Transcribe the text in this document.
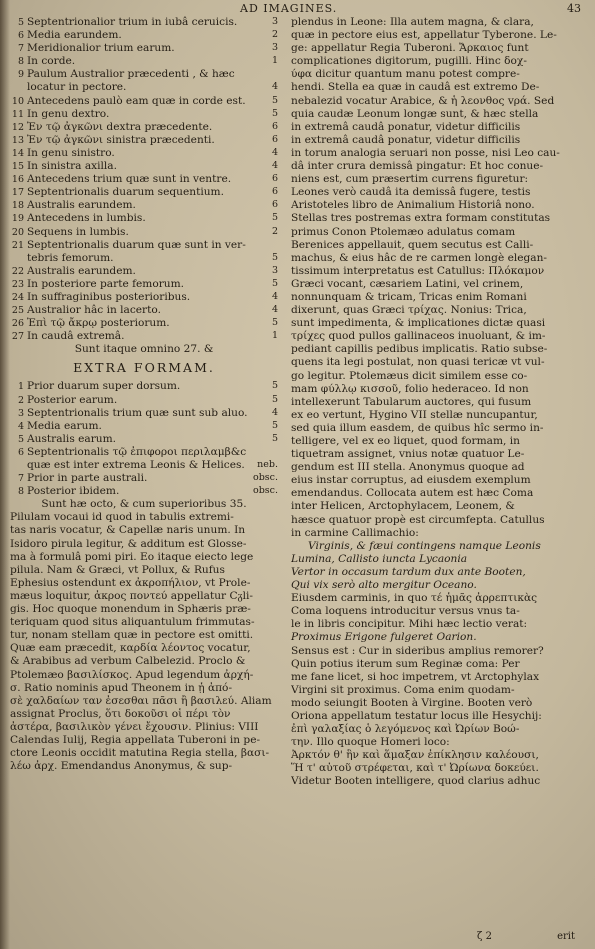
AD IMAGINES.	43
5 Septentrionalior trium in iubâ ceruicis.	3
6 Media earundem.	2
7 Meridionalior trium earum.	3
8 In corde.	1
9 Paulum Australior præcedenti , & hæc
locatur in pectore.	4
10 Antecedens paulò eam quæ in corde est.	5
11 In genu dextro.	5
12 Ἐν τῷ ἀγκῶνι dextra præcedente.	6
13 Ἐν τῷ ἀγκῶνι sinistra præcedenti.	6
14 In genu sinistro.	4
15 In sinistra axilla.	4
16 Antecedens trium quæ sunt in ventre.	6
17 Septentrionalis duarum sequentium.	6
18 Australis earundem.	6
19 Antecedens in lumbis.	5
20 Sequens in lumbis.	2
21 Septentrionalis duarum quæ sunt in ver-
tebris femorum.	5
22 Australis earundem.	3
23 In posteriore parte femorum.	5
24 In suffraginibus posterioribus.	4
25 Australior hâc in lacerto.	4
26 Ἐπὶ τῷ ἄκρῳ posteriorum.	5
27 In caudâ extremâ.	1
Sunt itaque omnino 27. &
EXTRA FORMAM.
1 Prior duarum super dorsum.	5
2 Posterior earum.	5
3 Septentrionalis trium quæ sunt sub aluo.	4
4 Media earum.	5
5 Australis earum.	5
6 Septentrionalis τῷ ἐπιφοροι περιλαμβ&c
quæ est inter extrema Leonis & Helices. neb.
7 Prior in parte australi.	obsc.
8 Posterior ibidem.	obsc.
Sunt hæ octo, & cum superioribus 35.
Pilulam vocaui id quod in tabulis extremi-
tas naris vocatur, & Capellæ naris unum. In
Isidoro pirula legitur, & additum est Glosse-
ma à formulâ pomi piri. Eo itaque eiecto lege
pilula. Nam & Græci, vt Pollux, & Rufus
Ephesius ostendunt ex ἀκροπήλιον, vt Prole-
mæus loquitur, ἀκρος ποντεύ appellatur Cᵹli-
gis. Hoc quoque monendum in Sphæris præ-
teriquam quod situs aliquantulum frimmutas-
tur, nonam stellam quæ in pectore est omitti.
Quæ eam præcedit, καρδία λέοντος vocatur,
& Arabibus ad verbum Calbelezid. Proclo &
Ptolemæo βασιλίσκος. Apud legendum ἀρχή-
σ. Ratio nominis apud Theonem in ᾗ ἀπό-
σὲ χαλδαίων ταν ἐσεσθαι πᾶσι ἢ βασιλεύ. Aliam
assignat Proclus, ὅτι δοκοῦσι οἱ πέρι τὸν
ἀστέρα, βασιλικὸν γένει ἔχουσιν. Plinius: VIII
Calendas Iulij, Regia appellata Tuberoni in pe-
ctore Leonis occidit matutina Regia stella, βασι-
λέω ἀρχ. Emendandus Anonymus, & sup-
plendus in Leone: Illa autem magna, & clara,
quæ in pectore eius est, appellatur Tyberone. Le-
ge: appellatur Regia Tuberoni. Ἄρκαιος funt
complicationes digitorum, pugilli. Hinc δοχ-
ύφα dicitur quantum manu potest compre-
hendi. Stella ea quæ in caudâ est extremo De-
nebalezid vocatur Arabice, & ἡ λεονθος vρά. Sed
quia caudæ Leonum longæ sunt, & hæc stella
in extremâ caudâ ponatur, videtur difficilis
in extremâ caudâ ponatur, videtur difficilis
in torum analogia seruari non posse, nisi Leo cau-
dâ inter crura demissâ pingatur: Et hoc conue-
niens est, cum præsertim currens figuretur:
Leones verò caudâ ita demissâ fugere, testis
Aristoteles libro de Animalium Historiâ nono.
Stellas tres postremas extra formam constitutas
primus Conon Ptolemæo adulatus comam
Berenices appellauit, quem secutus est Calli-
machus, & eius hâc de re carmen longè elegan-
tissimum interpretatus est Catullus: Πλόκαμον
Græci vocant, cæsariem Latini, vel crinem,
nonnunquam & tricam, Tricas enim Romani
dixerunt, quas Græci τρίχας. Nonius: Trica,
sunt impedimenta, & implicationes dictæ quasi
τρίχες quod pullos gallinaceos inuoluant, & im-
pediant capillis pedibus implicatis. Ratio subse-
quens ita legi postulat, non quasi tericæ vt vul-
go legitur. Ptolemæus dicit similem esse co-
mam φύλλῳ κισσοῦ, folio hederaceo. Id non
intellexerunt Tabularum auctores, qui fusum
ex eo vertunt, Hygino VII stellæ nuncupantur,
sed quia illum easdem, de quibus hîc sermo in-
telligere, vel ex eo liquet, quod formam, in
tiquetram assignet, vnius notæ quatuor Le-
gendum est III stella. Anonymus quoque ad
eius instar corruptus, ad eiusdem exemplum
emendandus. Collocata autem est hæc Coma
inter Helicen, Arctophylacem, Leonem, &
hæsce quatuor propè est circumfepta. Catullus
in carmine Callimachio:
Virginis, & fæui contingens namque Leonis
Lumina, Callisto iuncta Lycaonia
Vertor in occasum tardum dux ante Booten,
Qui vix serò alto mergitur Oceano.
Eiusdem carminis, in quo τέ ἡμᾶς ἀρρεπτικὰς
Coma loquens introducitur versus vnus ta-
le in libris concipitur. Mihi hæc lectio verat:
Proximus Erigone fulgeret Oarion.
Sensus est : Cur in sideribus amplius remorer?
Quin potius iterum sum Reginæ coma: Per
me fane licet, si hoc impetrem, vt Arctophylax
Virgini sit proximus. Coma enim quodam-
modo seiungit Booten à Virgine. Booten verò
Oriona appellatum testatur locus ille Hesychij:
ἐπὶ γαλαξίας ὁ λεγόμενος καὶ Ὠρίων Βοώ-
την. Illo quoque Homeri loco:
Ἀρκτόν θ' ἣν καὶ ἅμαξαν ἐπίκλησιν καλέουσι,
Ἥ τ' αὐτοῦ στρέφεται, καὶ τ' Ὠρίωνα δοκεύει.
Videtur Booten intelligere, quod clarius adhuc
ζ 2	erit
